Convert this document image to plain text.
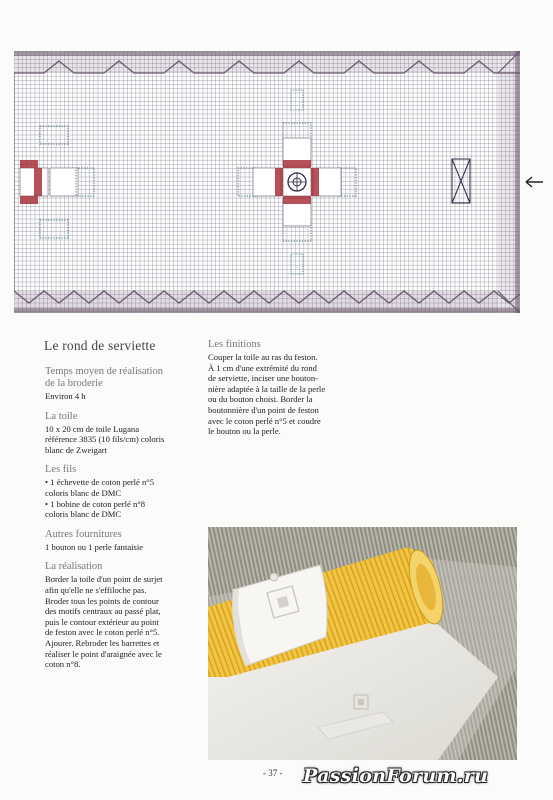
Le rond de serviette
Temps moyen de réalisation
de la broderie
Environ 4 h
La toile
10 x 20 cm de toile Lugana
référence 3835 (10 fils/cm) coloris
blanc de Zweigart
Les fils
• 1 échevette de coton perlé n°5
coloris blanc de DMC
• 1 bobine de coton perlé n°8
coloris blanc de DMC
Autres fournitures
1 bouton ou 1 perle fantaisie
La réalisation
Border la toile d'un point de surjet
afin qu'elle ne s'effiloche pas.
Broder tous les points de contour
des motifs centraux au passé plat,
puis le contour extérieur au point
de feston avec le coton perlé n°5.
Ajourer. Rebroder les barrettes et
réaliser le point d'araignée avec le
coton n°8.
Les finitions
Couper la toile au ras du feston.
À 1 cm d'une extrémité du rond
de serviette, inciser une bouton-
nière adaptée à la taille de la perle
ou du bouton choisi. Border la
boutonnière d'un point de feston
avec le coton perlé n°5 et coudre
le bouton ou la perle.
- 37 - PassionForum.ru
